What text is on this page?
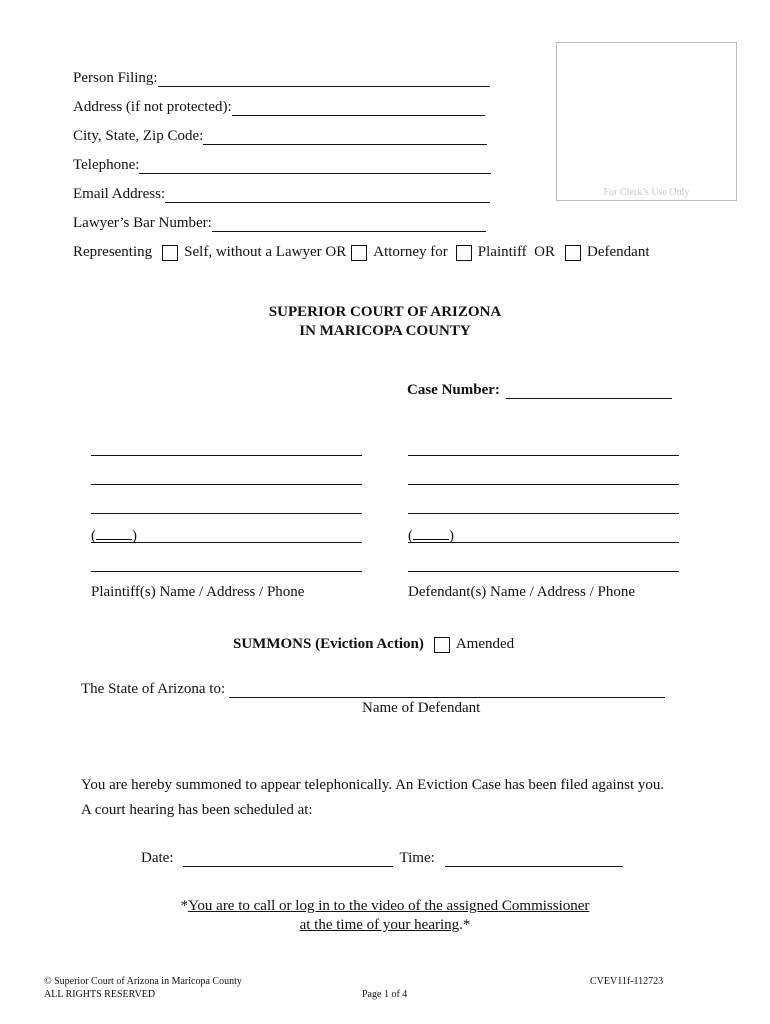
Person Filing:
Address (if not protected):
City, State, Zip Code:
Telephone:
Email Address:
Lawyer’s Bar Number:
Representing Self, without a Lawyer OR Attorney for Plaintiff  OR Defendant
For Clerk’s Use Only
SUPERIOR COURT OF ARIZONA
IN MARICOPA COUNTY
Case Number:
( )
Plaintiff(s) Name / Address / Phone
( )
Defendant(s) Name / Address / Phone
SUMMONS (Eviction Action) Amended
The State of Arizona to:
Name of Defendant
You are hereby summoned to appear telephonically. An Eviction Case has been filed against you.
A court hearing has been scheduled at:
Date:	Time:
*You are to call or log in to the video of the assigned Commissioner
at the time of your hearing.*
© Superior Court of Arizona in Maricopa County
ALL RIGHTS RESERVED	Page 1 of 4
CVEV11f-112723
